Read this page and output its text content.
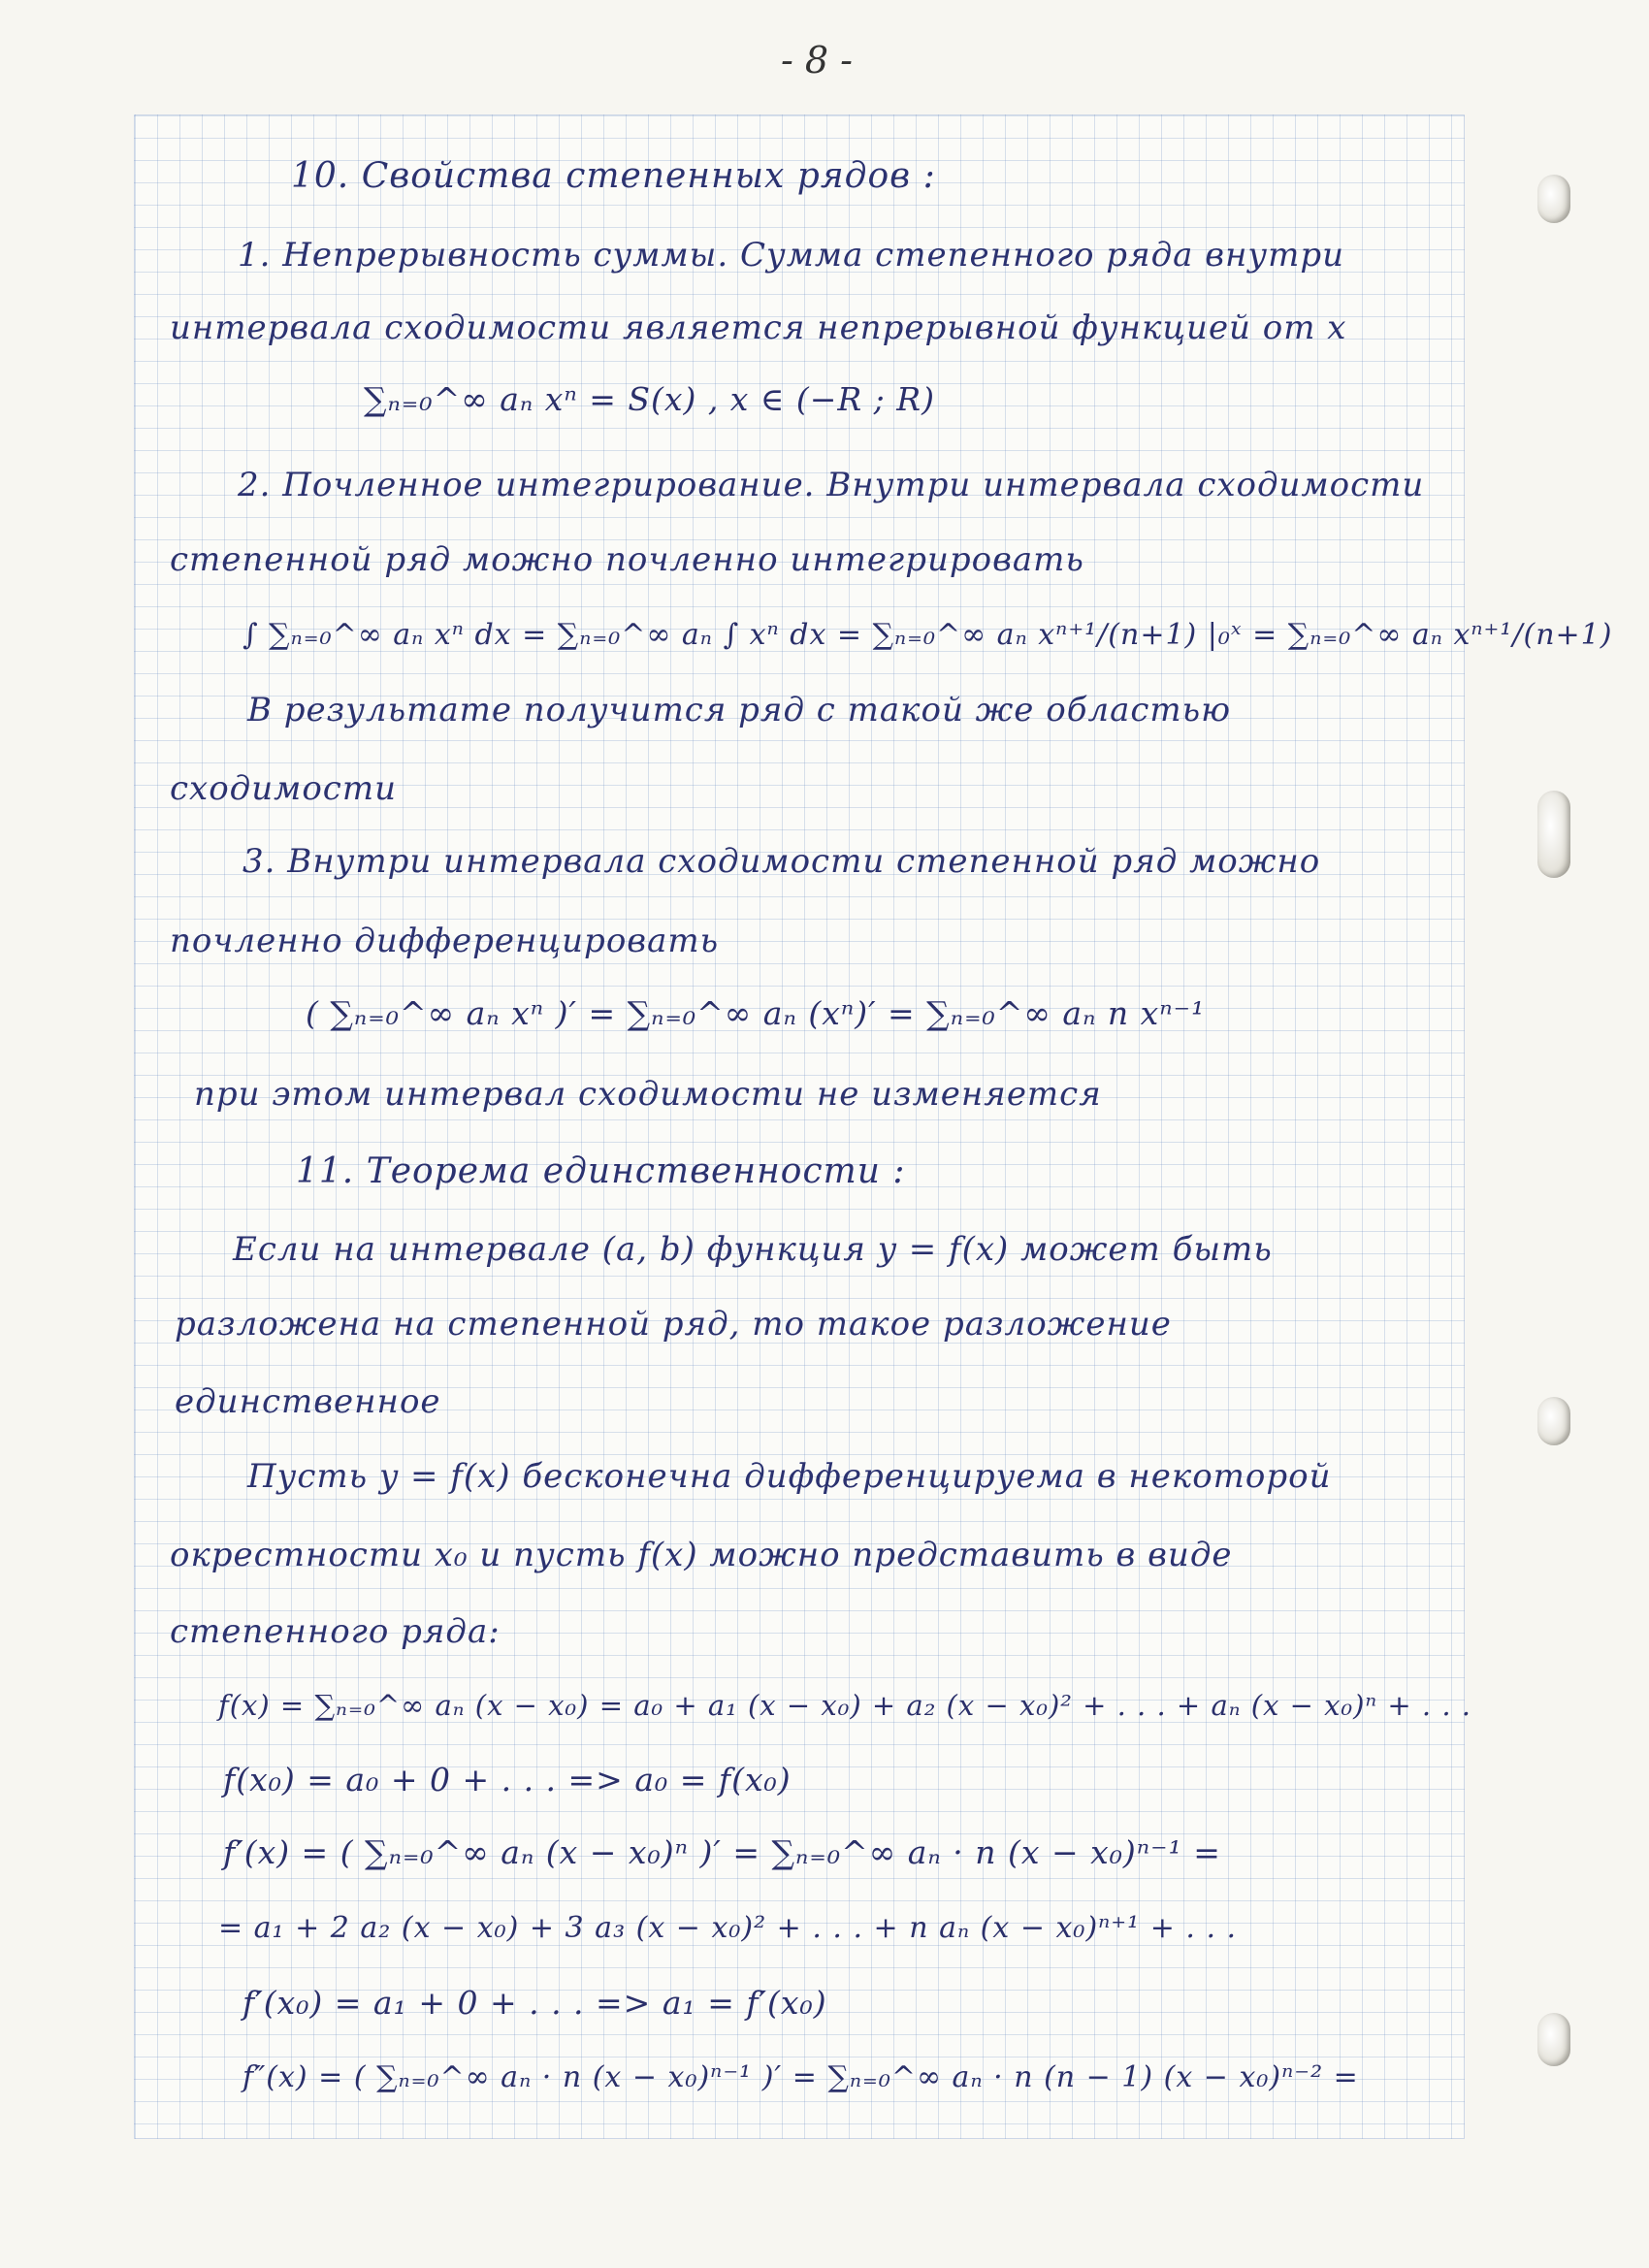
- 8 -
10. Свойства степенных рядов :
1. Непрерывность суммы. Сумма степенного ряда внутри
интервала сходимости является непрерывной функцией от x
∑ₙ₌₀^∞ aₙ xⁿ = S(x) , x ∈ (−R ; R)
2. Почленное интегрирование. Внутри интервала сходимости
степенной ряд можно почленно интегрировать
∫ ∑ₙ₌₀^∞ aₙ xⁿ dx = ∑ₙ₌₀^∞ aₙ ∫ xⁿ dx = ∑ₙ₌₀^∞ aₙ xⁿ⁺¹/(n+1) |₀ˣ = ∑ₙ₌₀^∞ aₙ xⁿ⁺¹/(n+1)
В результате получится ряд с такой же областью
сходимости
3. Внутри интервала сходимости степенной ряд можно
почленно дифференцировать
( ∑ₙ₌₀^∞ aₙ xⁿ )′ = ∑ₙ₌₀^∞ aₙ (xⁿ)′ = ∑ₙ₌₀^∞ aₙ n xⁿ⁻¹
при этом интервал сходимости не изменяется
11. Теорема единственности :
Если на интервале (a, b) функция y = f(x) может быть
разложена на степенной ряд, то такое разложение
единственное
Пусть y = f(x) бесконечна дифференцируема в некоторой
окрестности x₀ и пусть f(x) можно представить в виде
степенного ряда:
f(x) = ∑ₙ₌₀^∞ aₙ (x − x₀) = a₀ + a₁ (x − x₀) + a₂ (x − x₀)² + . . . + aₙ (x − x₀)ⁿ + . . .
f(x₀) = a₀ + 0 + . . . => a₀ = f(x₀)
f′(x) = ( ∑ₙ₌₀^∞ aₙ (x − x₀)ⁿ )′ = ∑ₙ₌₀^∞ aₙ · n (x − x₀)ⁿ⁻¹ =
= a₁ + 2 a₂ (x − x₀) + 3 a₃ (x − x₀)² + . . . + n aₙ (x − x₀)ⁿ⁺¹ + . . .
f′(x₀) = a₁ + 0 + . . . => a₁ = f′(x₀)
f″(x) = ( ∑ₙ₌₀^∞ aₙ · n (x − x₀)ⁿ⁻¹ )′ = ∑ₙ₌₀^∞ aₙ · n (n − 1) (x − x₀)ⁿ⁻² =
